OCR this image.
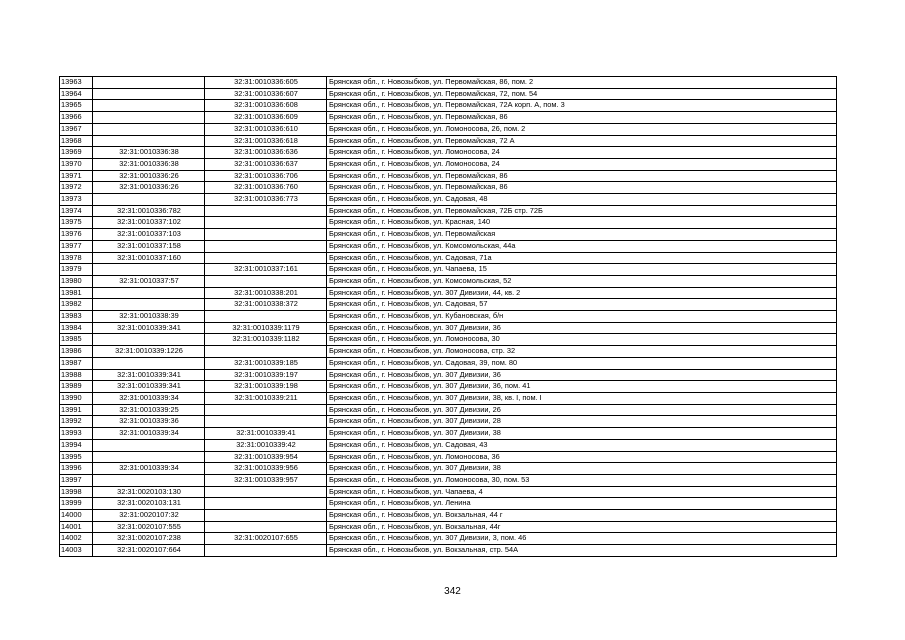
13963		32:31:0010336:605	Брянская обл., г. Новозыбков, ул. Первомайская, 86, пом. 2
13964		32:31:0010336:607	Брянская обл., г. Новозыбков, ул. Первомайская, 72, пом. 54
13965		32:31:0010336:608	Брянская обл., г. Новозыбков, ул. Первомайская, 72А корп. А, пом. 3
13966		32:31:0010336:609	Брянская обл., г. Новозыбков, ул. Первомайская, 86
13967		32:31:0010336:610	Брянская обл., г. Новозыбков, ул. Ломоносова, 26, пом. 2
13968		32:31:0010336:618	Брянская обл., г. Новозыбков, ул. Первомайская, 72 А
13969	32:31:0010336:38	32:31:0010336:636	Брянская обл., г. Новозыбков, ул. Ломоносова, 24
13970	32:31:0010336:38	32:31:0010336:637	Брянская обл., г. Новозыбков, ул. Ломоносова, 24
13971	32:31:0010336:26	32:31:0010336:706	Брянская обл., г. Новозыбков, ул. Первомайская, 86
13972	32:31:0010336:26	32:31:0010336:760	Брянская обл., г. Новозыбков, ул. Первомайская, 86
13973		32:31:0010336:773	Брянская обл., г. Новозыбков, ул. Садовая, 48
13974	32:31:0010336:782		Брянская обл., г. Новозыбков, ул. Первомайская, 72Б стр. 72Б
13975	32:31:0010337:102		Брянская обл., г. Новозыбков, ул. Красная, 140
13976	32:31:0010337:103		Брянская обл., г. Новозыбков, ул. Первомайская
13977	32:31:0010337:158		Брянская обл., г. Новозыбков, ул. Комсомольская, 44а
13978	32:31:0010337:160		Брянская обл., г. Новозыбков, ул. Садовая, 71а
13979		32:31:0010337:161	Брянская обл., г. Новозыбков, ул. Чапаева, 15
13980	32:31:0010337:57		Брянская обл., г. Новозыбков, ул. Комсомольская, 52
13981		32:31:0010338:201	Брянская обл., г. Новозыбков, ул. 307 Дивизии, 44, кв. 2
13982		32:31:0010338:372	Брянская обл., г. Новозыбков, ул. Садовая, 57
13983	32:31:0010338:39		Брянская обл., г. Новозыбков, ул. Кубановская, б/н
13984	32:31:0010339:341	32:31:0010339:1179	Брянская обл., г. Новозыбков, ул. 307 Дивизии, 36
13985		32:31:0010339:1182	Брянская обл., г. Новозыбков, ул. Ломоносова, 30
13986	32:31:0010339:1226		Брянская обл., г. Новозыбков, ул. Ломоносова, стр. 32
13987		32:31:0010339:185	Брянская обл., г. Новозыбков, ул. Садовая, 39, пом. 80
13988	32:31:0010339:341	32:31:0010339:197	Брянская обл., г. Новозыбков, ул. 307 Дивизии, 36
13989	32:31:0010339:341	32:31:0010339:198	Брянская обл., г. Новозыбков, ул. 307 Дивизии, 36, пом. 41
13990	32:31:0010339:34	32:31:0010339:211	Брянская обл., г. Новозыбков, ул. 307 Дивизии, 38, кв. I, пом. I
13991	32:31:0010339:25		Брянская обл., г. Новозыбков, ул. 307 Дивизии, 26
13992	32:31:0010339:36		Брянская обл., г. Новозыбков, ул. 307 Дивизии, 28
13993	32:31:0010339:34	32:31:0010339:41	Брянская обл., г. Новозыбков, ул. 307 Дивизии, 38
13994		32:31:0010339:42	Брянская обл., г. Новозыбков, ул. Садовая, 43
13995		32:31:0010339:954	Брянская обл., г. Новозыбков, ул. Ломоносова, 36
13996	32:31:0010339:34	32:31:0010339:956	Брянская обл., г. Новозыбков, ул. 307 Дивизии, 38
13997		32:31:0010339:957	Брянская обл., г. Новозыбков, ул. Ломоносова, 30, пом. 53
13998	32:31:0020103:130		Брянская обл., г. Новозыбков, ул. Чапаева, 4
13999	32:31:0020103:131		Брянская обл., г. Новозыбков, ул. Ленина
14000	32:31:0020107:32		Брянская обл., г. Новозыбков, ул. Вокзальная, 44 г
14001	32:31:0020107:555		Брянская обл., г. Новозыбков, ул. Вокзальная, 44г
14002	32:31:0020107:238	32:31:0020107:655	Брянская обл., г. Новозыбков, ул. 307 Дивизии, 3, пом. 46
14003	32:31:0020107:664		Брянская обл., г. Новозыбков, ул. Вокзальная, стр. 54А
342
